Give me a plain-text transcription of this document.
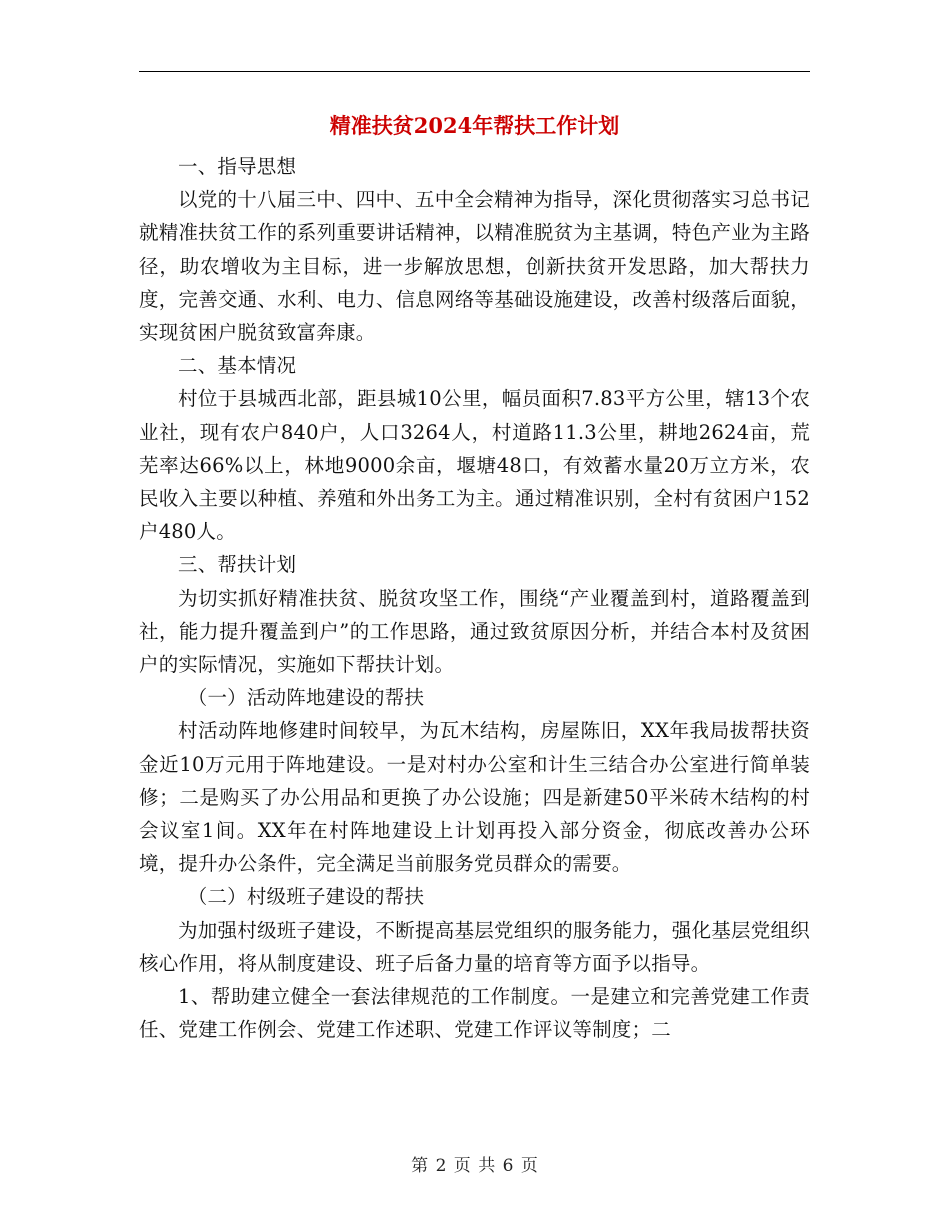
精准扶贫2024年帮扶工作计划

一、指导思想

以党的十八届三中、四中、五中全会精神为指导，深化贯彻落实习总书记就精准扶贫工作的系列重要讲话精神，以精准脱贫为主基调，特色产业为主路径，助农增收为主目标，进一步解放思想，创新扶贫开发思路，加大帮扶力度，完善交通、水利、电力、信息网络等基础设施建设，改善村级落后面貌，实现贫困户脱贫致富奔康。

二、基本情况

村位于县城西北部，距县城10公里，幅员面积7.83平方公里，辖13个农业社，现有农户840户，人口3264人，村道路11.3公里，耕地2624亩，荒芜率达66%以上，林地9000余亩，堰塘48口，有效蓄水量20万立方米，农民收入主要以种植、养殖和外出务工为主。通过精准识别，全村有贫困户152户480人。

三、帮扶计划

为切实抓好精准扶贫、脱贫攻坚工作，围绕“产业覆盖到村，道路覆盖到社，能力提升覆盖到户”的工作思路，通过致贫原因分析，并结合本村及贫困户的实际情况，实施如下帮扶计划。

（一）活动阵地建设的帮扶

村活动阵地修建时间较早，为瓦木结构，房屋陈旧，XX年我局拔帮扶资金近10万元用于阵地建设。一是对村办公室和计生三结合办公室进行简单装修；二是购买了办公用品和更换了办公设施；四是新建50平米砖木结构的村会议室1间。XX年在村阵地建设上计划再投入部分资金，彻底改善办公环境，提升办公条件，完全满足当前服务党员群众的需要。

（二）村级班子建设的帮扶

为加强村级班子建设，不断提高基层党组织的服务能力，强化基层党组织核心作用，将从制度建设、班子后备力量的培育等方面予以指导。

1、帮助建立健全一套法律规范的工作制度。一是建立和完善党建工作责任、党建工作例会、党建工作述职、党建工作评议等制度；二

第 2 页 共 6 页
